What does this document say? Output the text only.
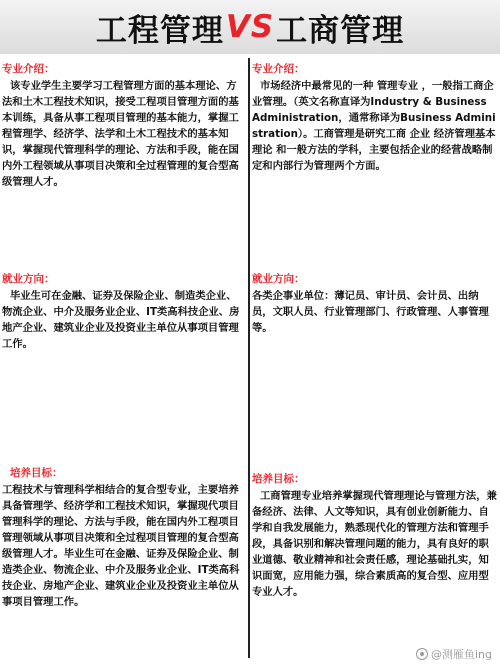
工程管理 VS 工商管理
专业介绍：
该专业学生主要学习工程管理方面的基本理论、方法和土木工程技术知识，接受工程项目管理方面的基本训练，具备从事工程项目管理的基本能力，掌握工程管理学、经济学、法学和土木工程技术的基本知识，掌握现代管理科学的理论、方法和手段，能在国内外工程领域从事项目决策和全过程管理的复合型高级管理人才。
就业方向：
毕业生可在金融、证券及保险企业、制造类企业、物流企业、中介及服务业企业、IT类高科技企业、房地产企业、建筑业企业及投资业主单位从事项目管理工作。
培养目标：
工程技术与管理科学相结合的复合型专业，主要培养具备管理学、经济学和工程技术知识，掌握现代项目管理科学的理论、方法与手段，能在国内外工程项目管理领域从事项目决策和全过程项目管理的复合型高级管理人才。毕业生可在金融、证券及保险企业、制造类企业、物流企业、中介及服务业企业、IT类高科技企业、房地产企业、建筑业企业及投资业主单位从事项目管理工作。
专业介绍：
市场经济中最常见的一种 管理专业 ，一般指工商企业管理。（英文名称直译为Industry & Business Administration，通常称译为Business Administration）。工商管理是研究工商 企业 经济管理基本 理论 和一般方法的学科，主要包括企业的经营战略制定和内部行为管理两个方面。
就业方向：
各类企事业单位：薄记员、审计员、会计员、出纳员，文职人员、行业管理部门、行政管理、人事管理等。
培养目标：
工商管理专业培养掌握现代管理理论与管理方法，兼备经济、法律、人文等知识，具有创业创新能力、自学和自我发展能力，熟悉现代化的管理方法和管理手段，具备识别和解决管理问题的能力，具有良好的职业道德、敬业精神和社会责任感，理论基础扎实，知识面宽，应用能力强，综合素质高的复合型、应用型专业人才。
@测雁鱼ing
